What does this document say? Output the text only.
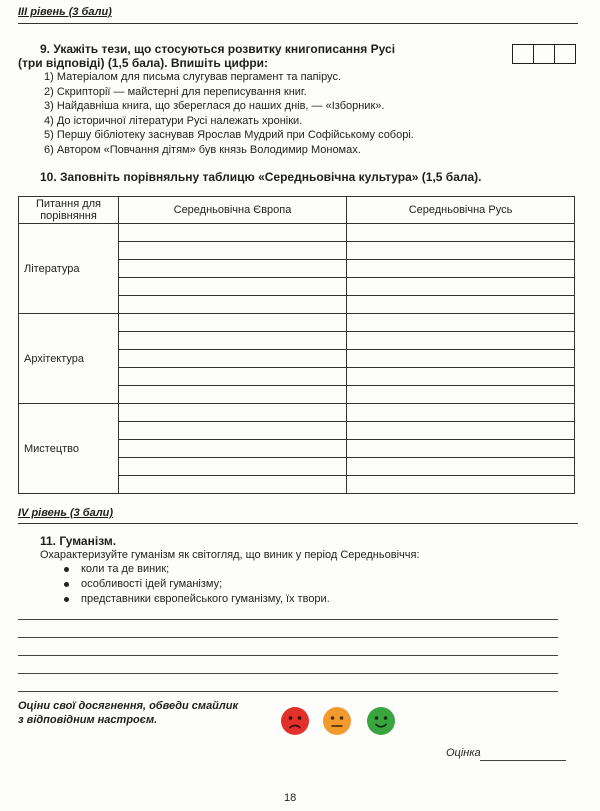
ІІІ рівень (3 бали)
9. Укажіть тези, що стосуються розвитку книгописання Русі
(три відповіді) (1,5 бала). Впишіть цифри:
1) Матеріалом для письма слугував пергамент та папірус.
2) Скрипторії — майстерні для переписування книг.
3) Найдавніша книга, що збереглася до наших днів, — «Ізборник».
4) До історичної літератури Русі належать хроніки.
5) Першу бібліотеку заснував Ярослав Мудрий при Софійському соборі.
6) Автором «Повчання дітям» був князь Володимир Мономах.
10. Заповніть порівняльну таблицю «Середньовічна культура» (1,5 бала).
Питання для порівняння	Середньовічна Європа	Середньовічна Русь
Література		

Архітектура		

Мистецтво		

IV рівень (3 бали)
11. Гуманізм.
Охарактеризуйте гуманізм як світогляд, що виник у період Середньовіччя:
коли та де виник;
особливості ідей гуманізму;
представники європейського гуманізму, їх твори.
Оціни свої досягнення, обведи смайлик
з відповідним настроєм.
Оцінка
18
